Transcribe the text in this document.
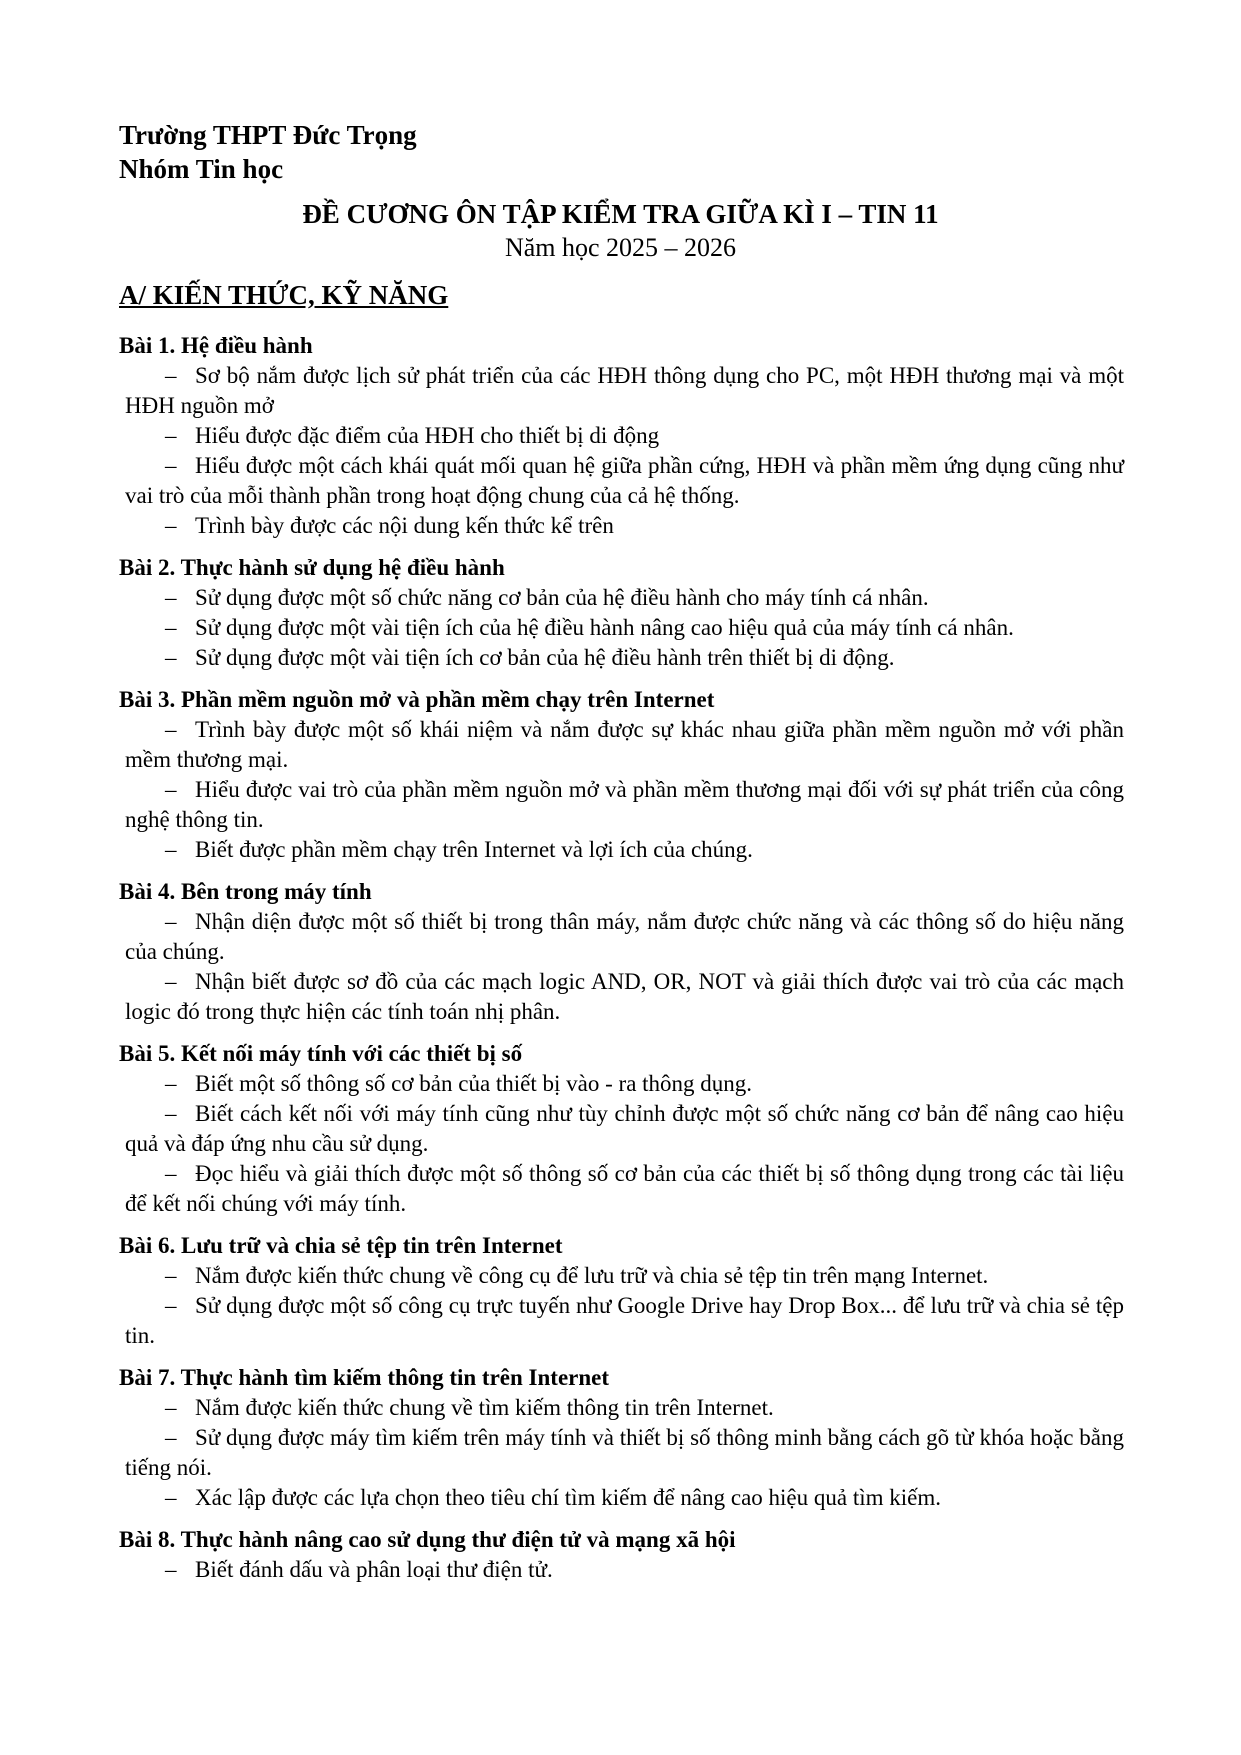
Trường THPT Đức Trọng

Nhóm Tin học

ĐỀ CƯƠNG ÔN TẬP KIỂM TRA GIỮA KÌ I – TIN 11

Năm học 2025 – 2026

A/ KIẾN THỨC, KỸ NĂNG

Bài 1. Hệ điều hành

– Sơ bộ nắm được lịch sử phát triển của các HĐH thông dụng cho PC, một HĐH thương mại và một HĐH nguồn mở
– Hiểu được đặc điểm của HĐH cho thiết bị di động
– Hiểu được một cách khái quát mối quan hệ giữa phần cứng, HĐH và phần mềm ứng dụng cũng như vai trò của mỗi thành phần trong hoạt động chung của cả hệ thống.
– Trình bày được các nội dung kến thức kể trên

Bài 2. Thực hành sử dụng hệ điều hành

– Sử dụng được một số chức năng cơ bản của hệ điều hành cho máy tính cá nhân.
– Sử dụng được một vài tiện ích của hệ điều hành nâng cao hiệu quả của máy tính cá nhân.
– Sử dụng được một vài tiện ích cơ bản của hệ điều hành trên thiết bị di động.

Bài 3. Phần mềm nguồn mở và phần mềm chạy trên Internet

– Trình bày được một số khái niệm và nắm được sự khác nhau giữa phần mềm nguồn mở với phần mềm thương mại.
– Hiểu được vai trò của phần mềm nguồn mở và phần mềm thương mại đối với sự phát triển của công nghệ thông tin.
– Biết được phần mềm chạy trên Internet và lợi ích của chúng.

Bài 4. Bên trong máy tính

– Nhận diện được một số thiết bị trong thân máy, nắm được chức năng và các thông số do hiệu năng của chúng.
– Nhận biết được sơ đồ của các mạch logic AND, OR, NOT và giải thích được vai trò của các mạch logic đó trong thực hiện các tính toán nhị phân.

Bài 5. Kết nối máy tính với các thiết bị số

– Biết một số thông số cơ bản của thiết bị vào - ra thông dụng.
– Biết cách kết nối với máy tính cũng như tùy chỉnh được một số chức năng cơ bản để nâng cao hiệu quả và đáp ứng nhu cầu sử dụng.
– Đọc hiểu và giải thích được một số thông số cơ bản của các thiết bị số thông dụng trong các tài liệu để kết nối chúng với máy tính.

Bài 6. Lưu trữ và chia sẻ tệp tin trên Internet

– Nắm được kiến thức chung về công cụ để lưu trữ và chia sẻ tệp tin trên mạng Internet.
– Sử dụng được một số công cụ trực tuyến như Google Drive hay Drop Box... để lưu trữ và chia sẻ tệp tin.

Bài 7. Thực hành tìm kiếm thông tin trên Internet

– Nắm được kiến thức chung về tìm kiếm thông tin trên Internet.
– Sử dụng được máy tìm kiếm trên máy tính và thiết bị số thông minh bằng cách gõ từ khóa hoặc bằng tiếng nói.
– Xác lập được các lựa chọn theo tiêu chí tìm kiếm để nâng cao hiệu quả tìm kiếm.

Bài 8. Thực hành nâng cao sử dụng thư điện tử và mạng xã hội

– Biết đánh dấu và phân loại thư điện tử.
